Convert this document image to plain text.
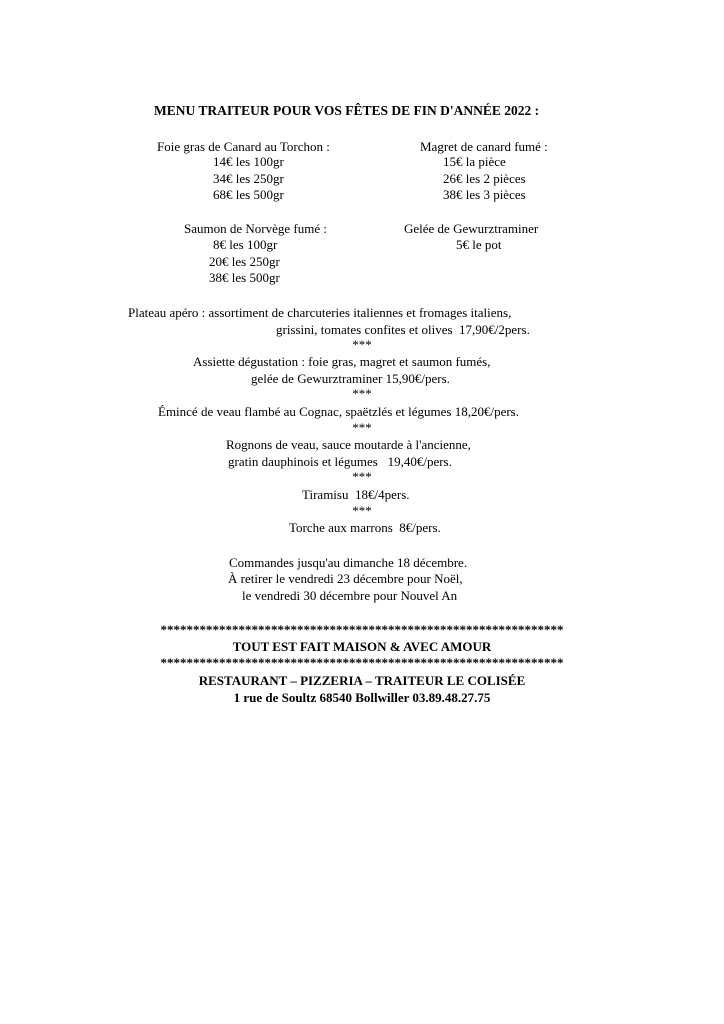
MENU TRAITEUR POUR VOS FÊTES DE FIN D'ANNÉE 2022 :
Foie gras de Canard au Torchon :
14€ les 100gr
34€ les 250gr
68€ les 500gr
Magret de canard fumé :
15€ la pièce
26€ les 2 pièces
38€ les 3 pièces
Saumon de Norvège fumé :
8€ les 100gr
20€ les 250gr
38€ les 500gr
Gelée de Gewurztraminer
5€ le pot
Plateau apéro : assortiment de charcuteries italiennes et fromages italiens,
grissini, tomates confites et olives  17,90€/2pers.
***
Assiette dégustation : foie gras, magret et saumon fumés,
gelée de Gewurztraminer 15,90€/pers.
***
Émincé de veau flambé au Cognac, spaëtzlés et légumes 18,20€/pers.
***
Rognons de veau, sauce moutarde à l'ancienne,
gratin dauphinois et légumes   19,40€/pers.
***
Tiramisu  18€/4pers.
***
Torche aux marrons  8€/pers.
Commandes jusqu'au dimanche 18 décembre.
À retirer le vendredi 23 décembre pour Noël,
le vendredi 30 décembre pour Nouvel An
**************************************************************
TOUT EST FAIT MAISON & AVEC AMOUR
**************************************************************
RESTAURANT – PIZZERIA – TRAITEUR LE COLISÉE
1 rue de Soultz 68540 Bollwiller 03.89.48.27.75
